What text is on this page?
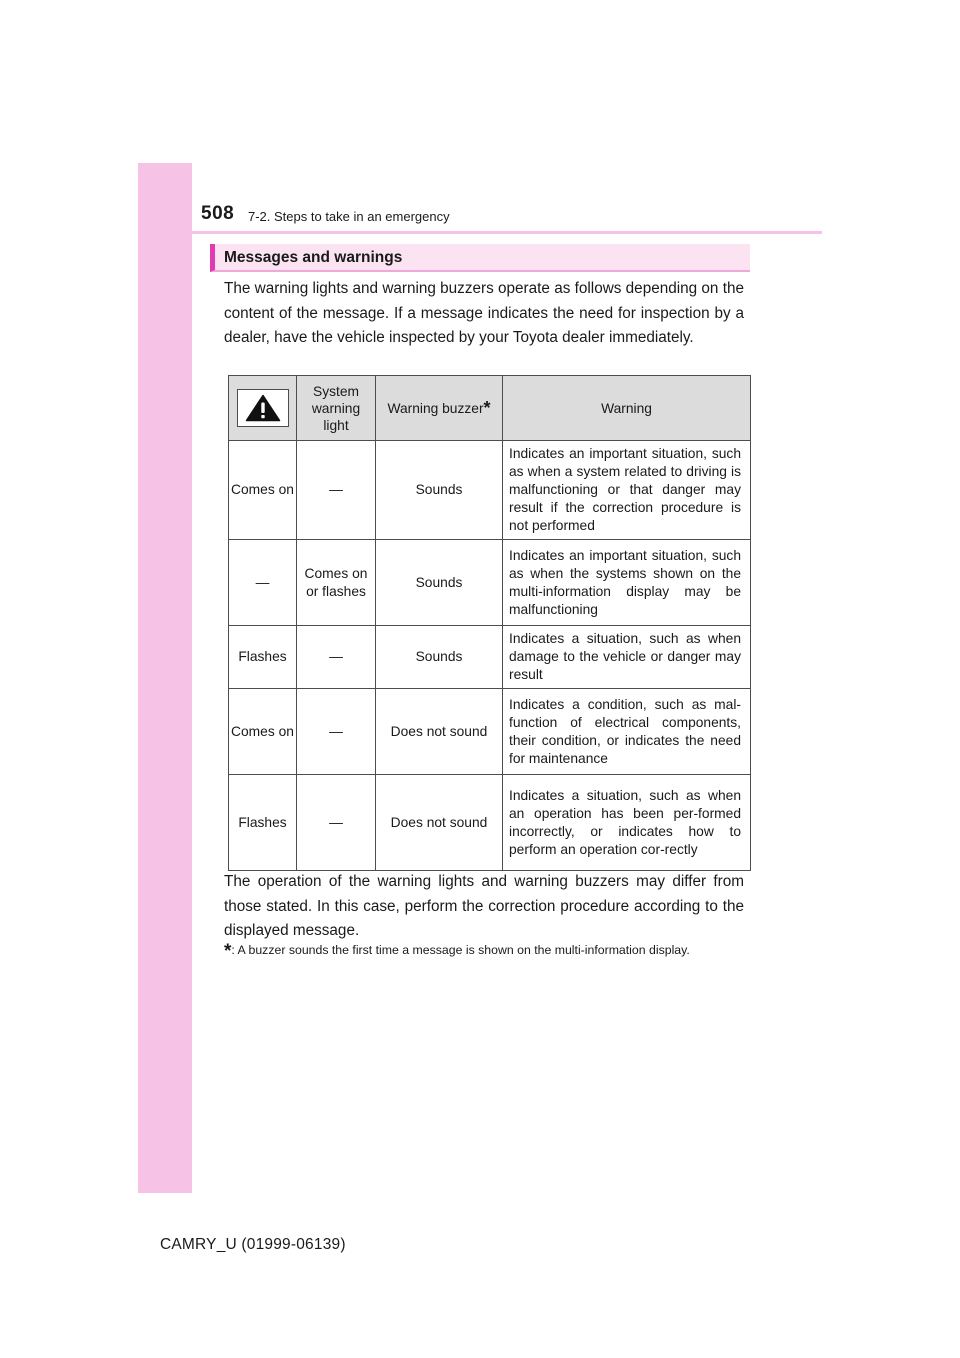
508 7-2. Steps to take in an emergency
Messages and warnings

The warning lights and warning buzzers operate as follows depending on the content of the message. If a message indicates the need for inspection by a dealer, have the vehicle inspected by your Toyota dealer immediately.

	System warning light	Warning buzzer*	Warning
Comes on	—	Sounds	Indicates an important situation, such as when a system related to driving is malfunctioning or that danger may result if the correction procedure is not performed
—	Comes on or flashes	Sounds	Indicates an important situation, such as when the systems shown on the multi-information display may be malfunctioning
Flashes	—	Sounds	Indicates a situation, such as when damage to the vehicle or danger may result
Comes on	—	Does not sound	Indicates a condition, such as mal-function of electrical components, their condition, or indicates the need for maintenance
Flashes	—	Does not sound	Indicates a situation, such as when an operation has been per-formed incorrectly, or indicates how to perform an operation cor-rectly

The operation of the warning lights and warning buzzers may differ from those stated. In this case, perform the correction procedure according to the displayed message.

*: A buzzer sounds the first time a message is shown on the multi-information display.
CAMRY_U (01999-06139)
